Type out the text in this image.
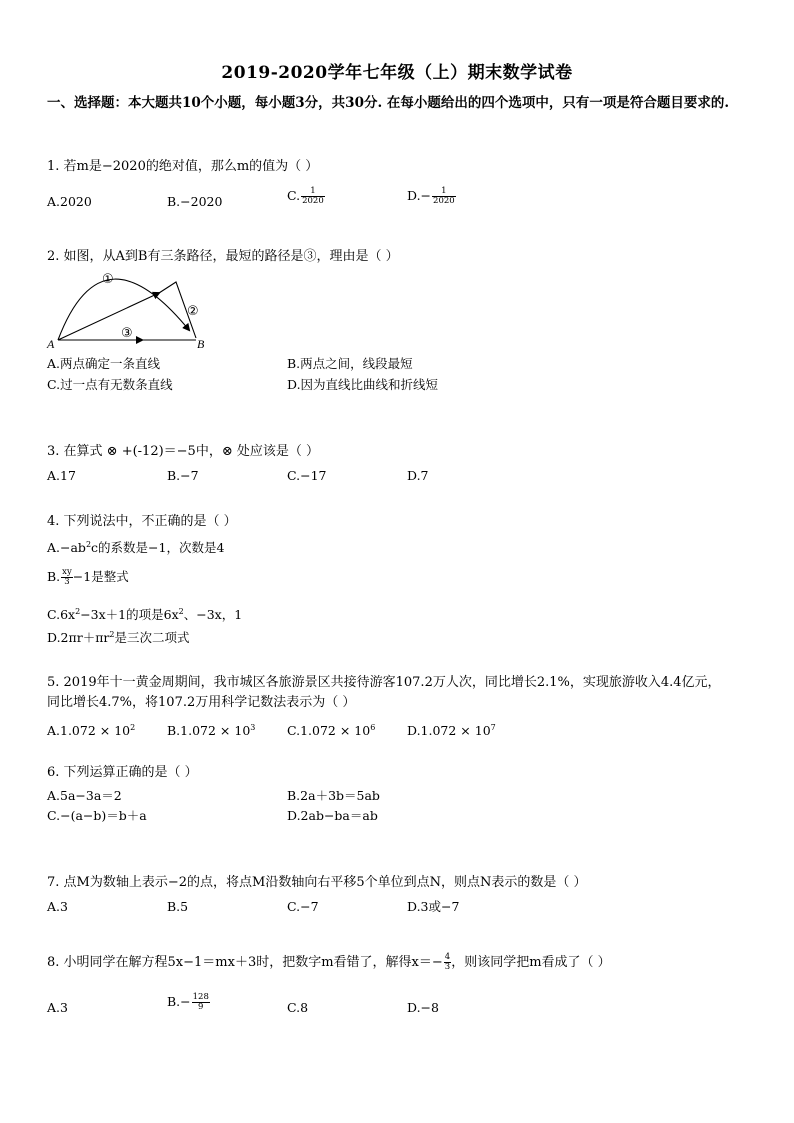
2019-2020学年七年级（上）期末数学试卷
一、选择题：本大题共10个小题，每小题3分，共30分. 在每小题给出的四个选项中，只有一项是符合题目要求的.
1. 若m是−2020的绝对值，那么m的值为（ ）
A.2020	B.−2020	C. $\frac{1}{2020}$	$D.- \frac{1}{2020}$
2. 如图，从A到B有三条路径，最短的路径是③，理由是（ ）
A	B
①
②
③
A.两点确定一条直线	B.两点之间，线段最短
C.过一点有无数条直线	D.因为直线比曲线和折线短
3. 在算式 ⊗ +(-12)＝−5中，⊗ 处应该是（ ）
A.17	B.−7	C.−17	D.7
4. 下列说法中，不正确的是（ ）
$A.-ab^2c$的系数是−1，次数是4
B. $\frac{xy}{3} -1$是整式
$C.6x^2-3x+1$的项是$6x^2$、−3x，1
$D.2\pi r+\pi r^2$是三次二项式
5. 2019年十一黄金周期间，我市城区各旅游景区共接待游客107.2万人次，同比增长2.1%，实现旅游收入4.4亿元，
同比增长4.7%，将107.2万用科学记数法表示为（ ）
$A.1.072 \times 10^2$	$B.1.072 \times 10^3$	$C.1.072 \times 10^6$	$D.1.072 \times 10^7$
6. 下列运算正确的是（ ）
A.5a−3a＝2	B.2a＋3b＝5ab
C.−(a−b)＝b＋a	D.2ab−ba＝ab
7. 点M为数轴上表示−2的点，将点M沿数轴向右平移5个单位到点N，则点N表示的数是（ ）
A.3	B.5	C.−7	D.3或−7
8. 小明同学在解方程5x−1＝mx＋3时，把数字m看错了，解得$x=- \frac{4}{3}$ ，则该同学把m看成了（ ）
A.3	$B.- \frac{128}{9}$	C.8	D.−8
